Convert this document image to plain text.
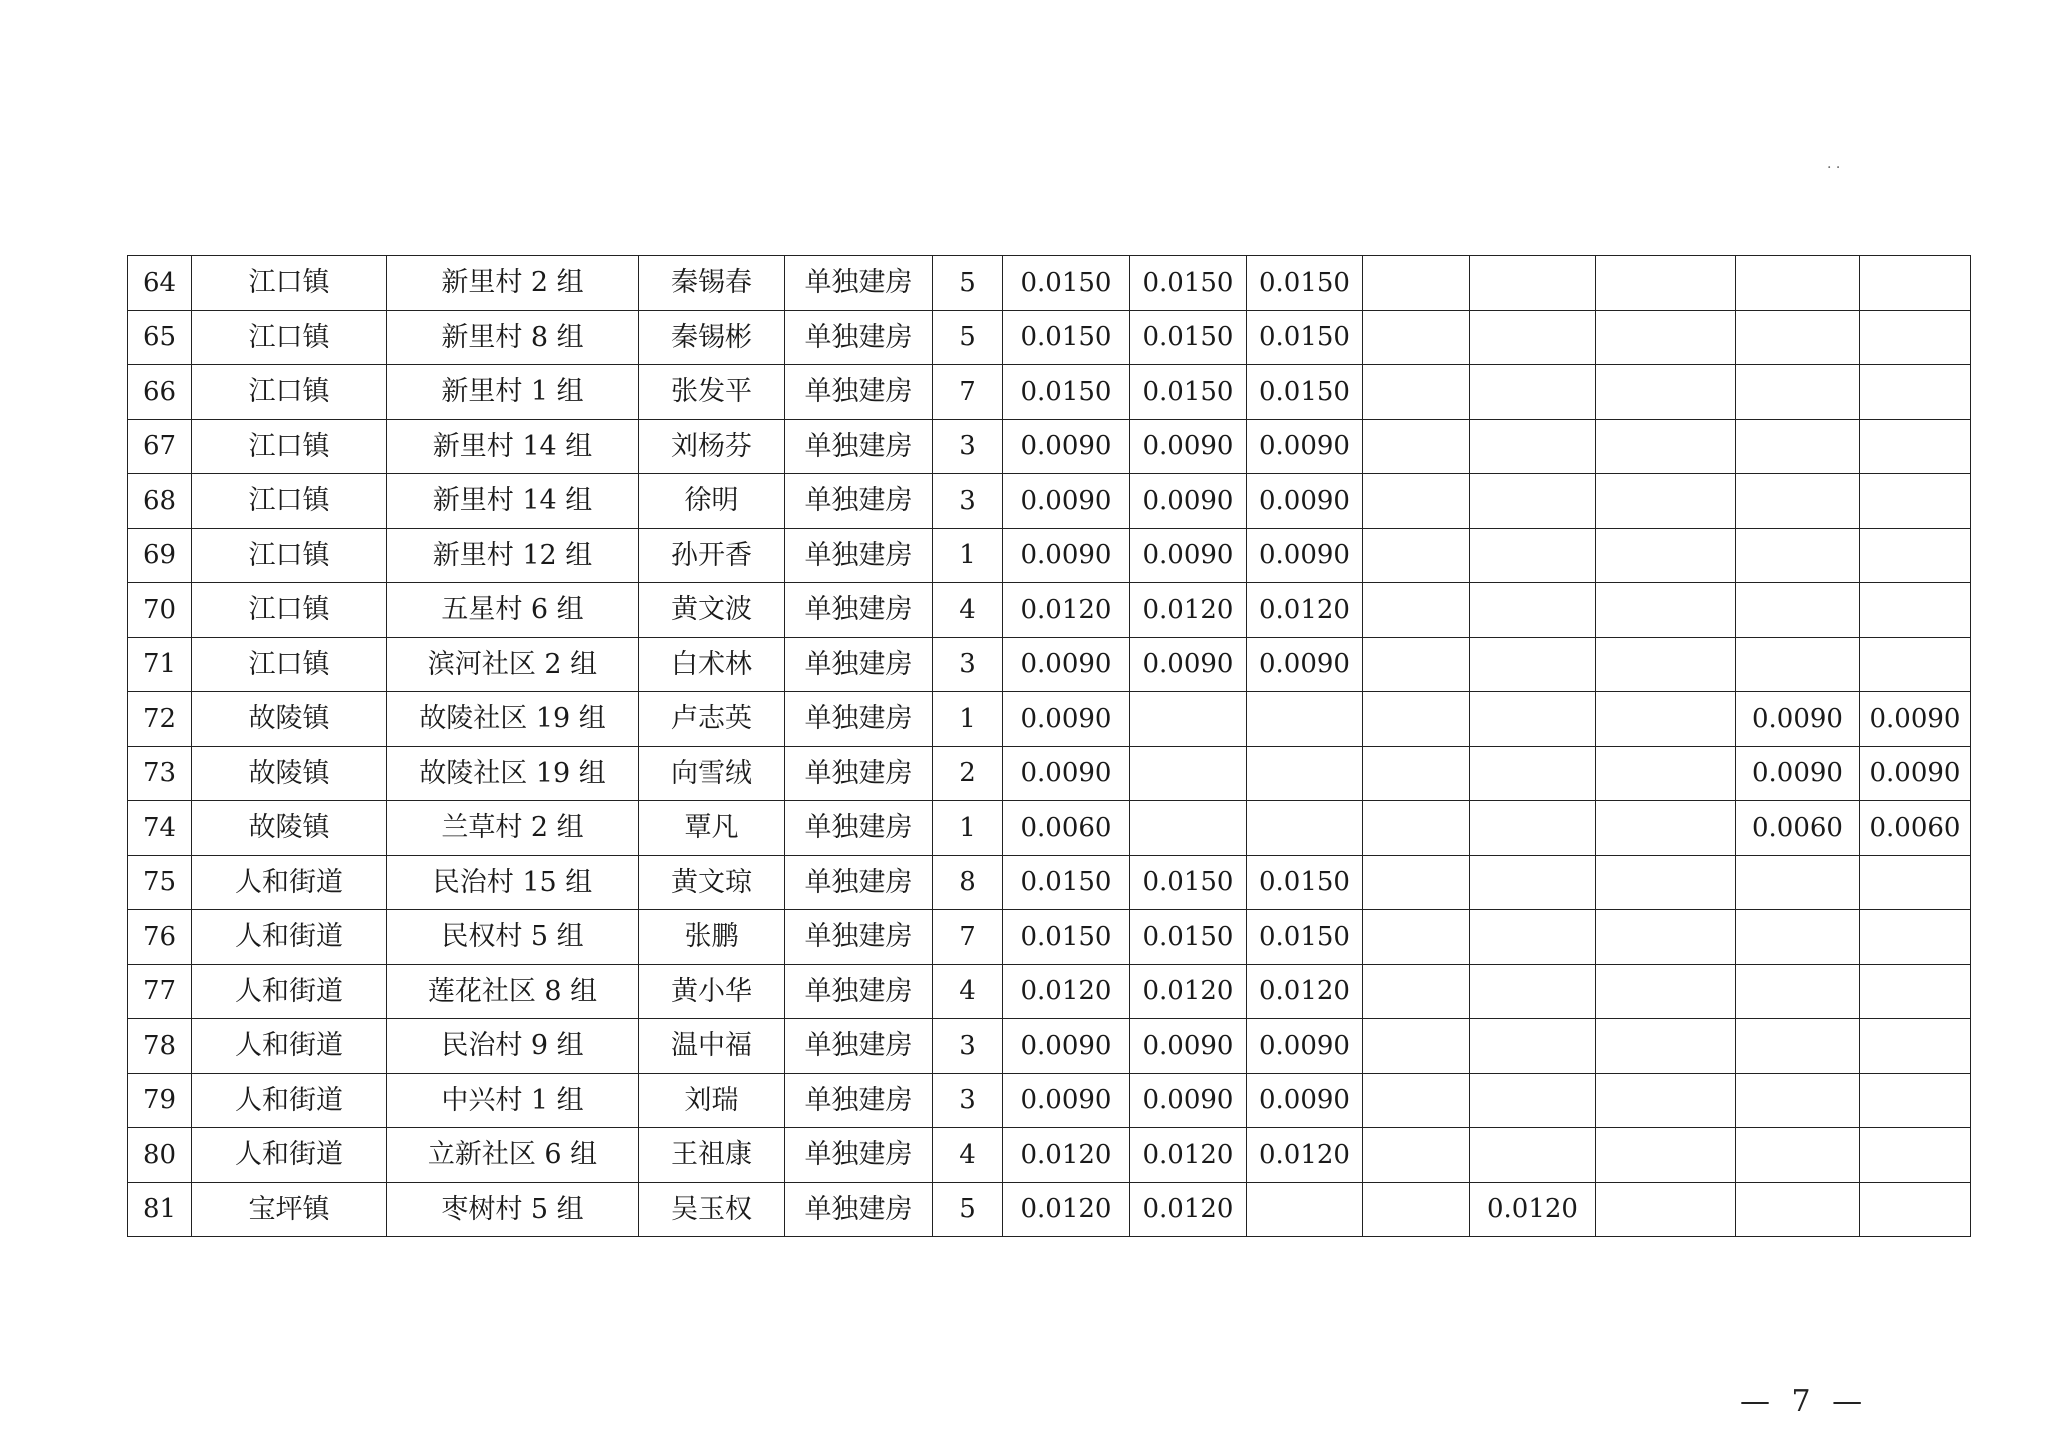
· ·
64	江口镇	新里村 2 组	秦锡春	单独建房	5	0.0150	0.0150	0.0150					
65	江口镇	新里村 8 组	秦锡彬	单独建房	5	0.0150	0.0150	0.0150					
66	江口镇	新里村 1 组	张发平	单独建房	7	0.0150	0.0150	0.0150					
67	江口镇	新里村 14 组	刘杨芬	单独建房	3	0.0090	0.0090	0.0090					
68	江口镇	新里村 14 组	徐明	单独建房	3	0.0090	0.0090	0.0090					
69	江口镇	新里村 12 组	孙开香	单独建房	1	0.0090	0.0090	0.0090					
70	江口镇	五星村 6 组	黄文波	单独建房	4	0.0120	0.0120	0.0120					
71	江口镇	滨河社区 2 组	白术林	单独建房	3	0.0090	0.0090	0.0090					
72	故陵镇	故陵社区 19 组	卢志英	单独建房	1	0.0090						0.0090	0.0090
73	故陵镇	故陵社区 19 组	向雪绒	单独建房	2	0.0090						0.0090	0.0090
74	故陵镇	兰草村 2 组	覃凡	单独建房	1	0.0060						0.0060	0.0060
75	人和街道	民治村 15 组	黄文琼	单独建房	8	0.0150	0.0150	0.0150					
76	人和街道	民权村 5 组	张鹏	单独建房	7	0.0150	0.0150	0.0150					
77	人和街道	莲花社区 8 组	黄小华	单独建房	4	0.0120	0.0120	0.0120					
78	人和街道	民治村 9 组	温中福	单独建房	3	0.0090	0.0090	0.0090					
79	人和街道	中兴村 1 组	刘瑞	单独建房	3	0.0090	0.0090	0.0090					
80	人和街道	立新社区 6 组	王祖康	单独建房	4	0.0120	0.0120	0.0120					
81	宝坪镇	枣树村 5 组	吴玉权	单独建房	5	0.0120	0.0120			0.0120			
— 7 —
